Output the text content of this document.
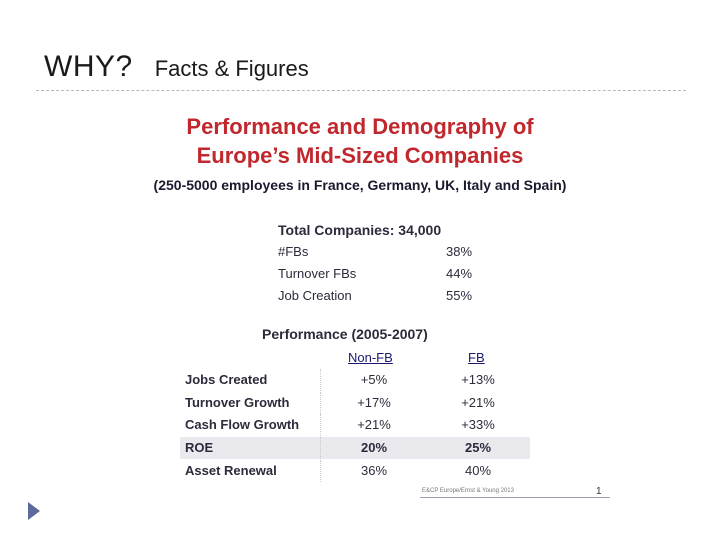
WHY? Facts & Figures
Performance and Demography of
Europe’s Mid-Sized Companies
(250-5000 employees in France, Germany, UK, Italy and Spain)
Total Companies: 34,000
#FBs	38%
Turnover FBs	44%
Job Creation	55%
Performance (2005-2007)
Non-FB	FB
Jobs Created	+5%	+13%
Turnover Growth	+17%	+21%
Cash Flow Growth	+21%	+33%
ROE	20%	25%
Asset Renewal	36%	40%
E&CP Europe/Ernst & Young 2013	1
